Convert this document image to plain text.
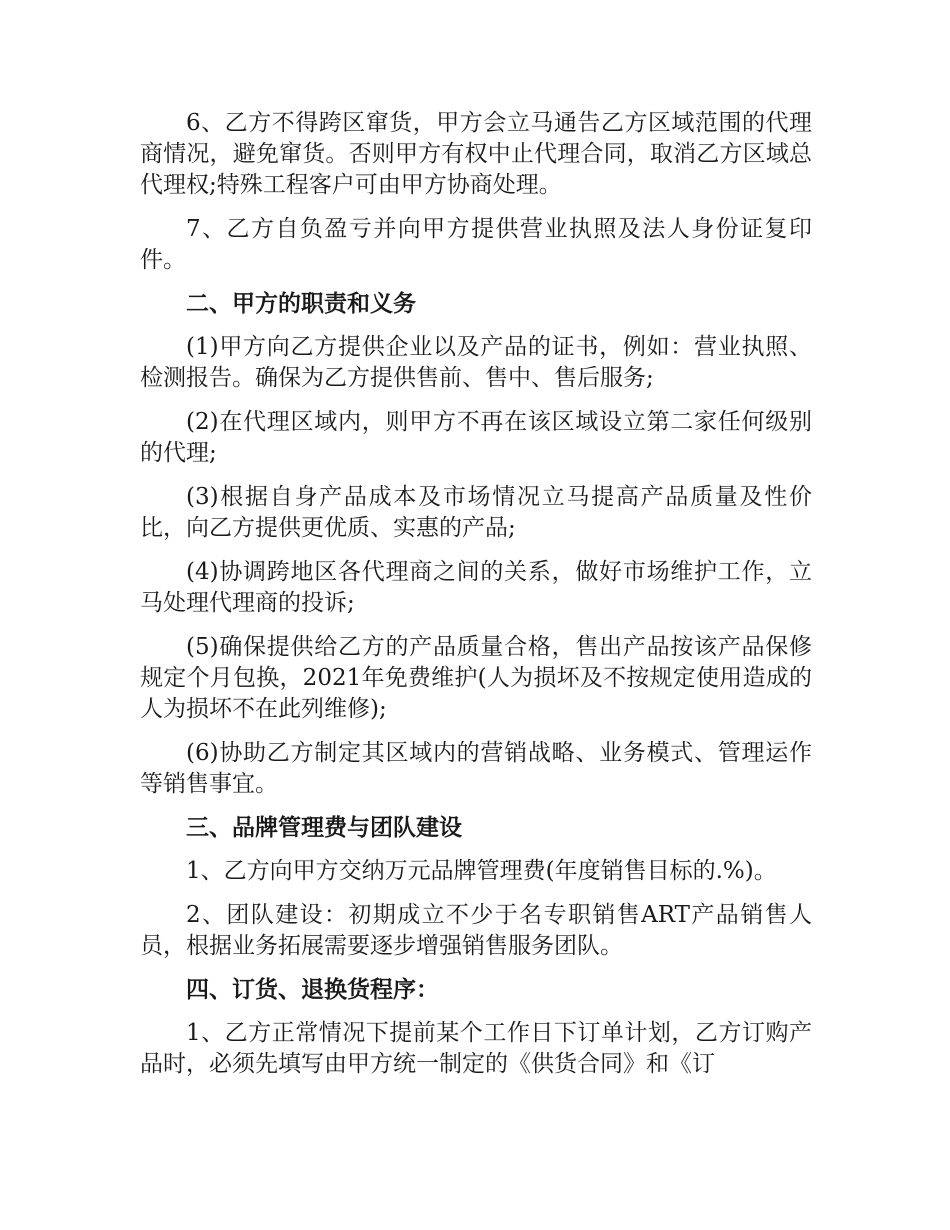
6、乙方不得跨区窜货，甲方会立马通告乙方区域范围的代理商情况，避免窜货。否则甲方有权中止代理合同，取消乙方区域总代理权;特殊工程客户可由甲方协商处理。

7、乙方自负盈亏并向甲方提供营业执照及法人身份证复印件。

二、甲方的职责和义务

(1)甲方向乙方提供企业以及产品的证书，例如：营业执照、检测报告。确保为乙方提供售前、售中、售后服务;

(2)在代理区域内，则甲方不再在该区域设立第二家任何级别的代理;

(3)根据自身产品成本及市场情况立马提高产品质量及性价比，向乙方提供更优质、实惠的产品;

(4)协调跨地区各代理商之间的关系，做好市场维护工作，立马处理代理商的投诉;

(5)确保提供给乙方的产品质量合格，售出产品按该产品保修规定个月包换，2021年免费维护(人为损坏及不按规定使用造成的人为损坏不在此列维修);

(6)协助乙方制定其区域内的营销战略、业务模式、管理运作等销售事宜。

三、品牌管理费与团队建设

1、乙方向甲方交纳万元品牌管理费(年度销售目标的.%)。

2、团队建设：初期成立不少于名专职销售ART产品销售人员，根据业务拓展需要逐步增强销售服务团队。

四、订货、退换货程序：

1、乙方正常情况下提前某个工作日下订单计划，乙方订购产品时，必须先填写由甲方统一制定的《供货合同》和《订
